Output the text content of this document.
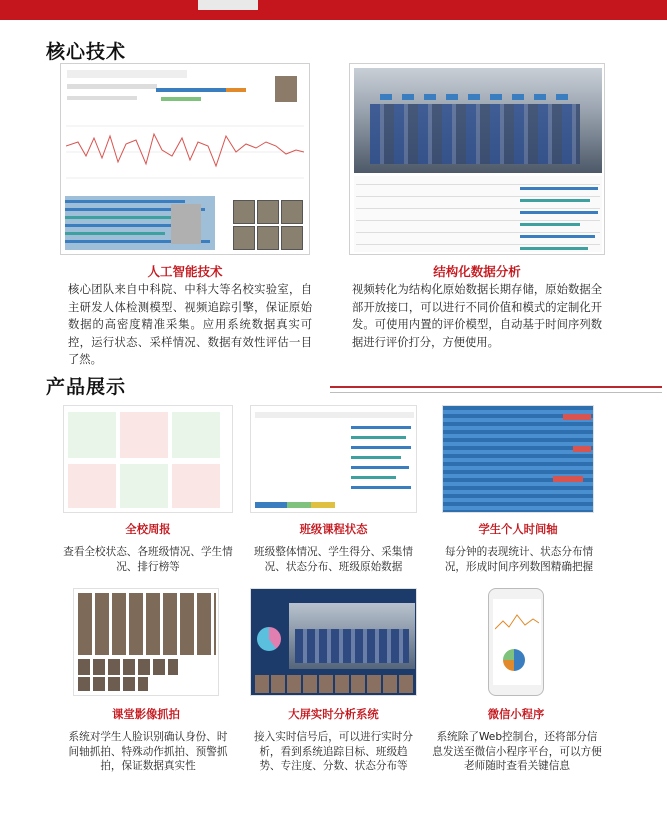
核心技术
人工智能技术	结构化数据分析
核心团队来自中科院、中科大等名校实验室，自主研发人体检测模型、视频追踪引擎，保证原始数据的高密度精准采集。应用系统数据真实可控，运行状态、采样情况、数据有效性评估一目了然。
视频转化为结构化原始数据长期存储，原始数据全部开放接口，可以进行不同价值和模式的定制化开发。可使用内置的评价模型，自动基于时间序列数据进行评价打分，方便使用。
产品展示
全校周报	班级课程状态	学生个人时间轴
查看全校状态、各班级情况、学生情况、排行榜等
班级整体情况、学生得分、采集情况、状态分布、班级原始数据
每分钟的表现统计、状态分布情况，形成时间序列数图精确把握
课堂影像抓拍	大屏实时分析系统	微信小程序
系统对学生人脸识别确认身份、时间轴抓拍、特殊动作抓拍、预警抓拍，保证数据真实性
接入实时信号后，可以进行实时分析，看到系统追踪目标、班级趋势、专注度、分数、状态分布等
系统除了Web控制台，还将部分信息发送至微信小程序平台，可以方便老师随时查看关键信息
